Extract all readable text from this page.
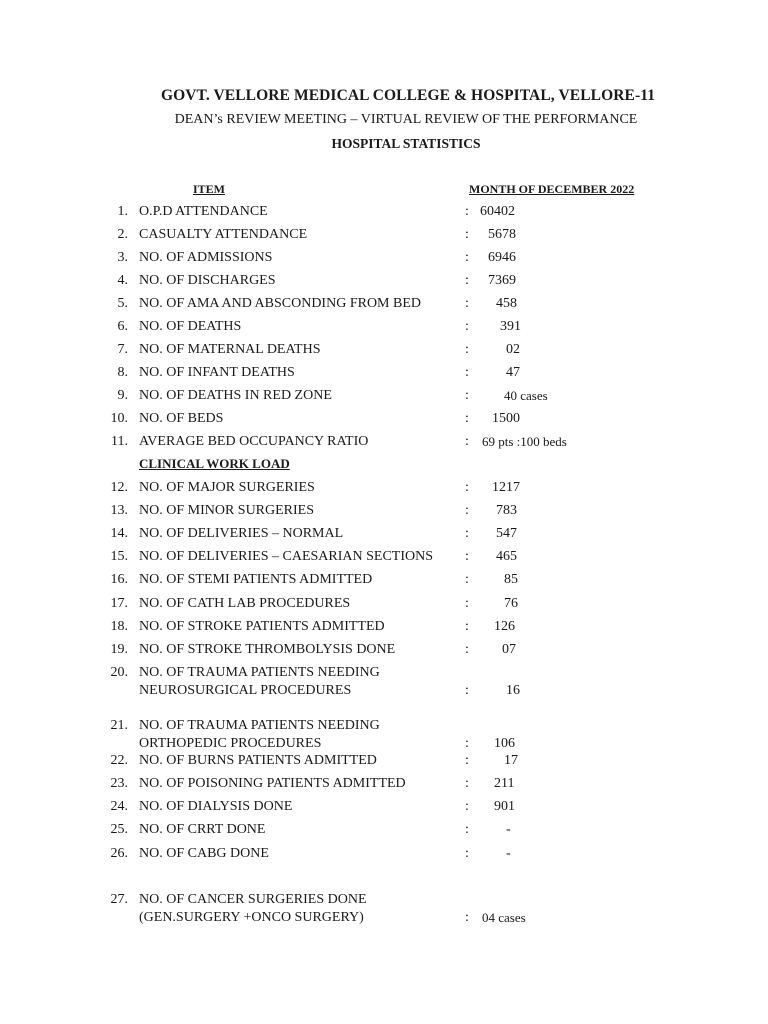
GOVT. VELLORE MEDICAL COLLEGE & HOSPITAL, VELLORE-11
DEAN’s REVIEW MEETING – VIRTUAL REVIEW OF THE PERFORMANCE
HOSPITAL STATISTICS
ITEM	MONTH OF DECEMBER 2022
CLINICAL WORK LOAD
1. O.P.D ATTENDANCE	: 60402
2. CASUALTY ATTENDANCE	: 5678
3. NO. OF ADMISSIONS	: 6946
4. NO. OF DISCHARGES	: 7369
5. NO. OF AMA AND ABSCONDING FROM BED	: 458
6. NO. OF DEATHS	: 391
7. NO. OF MATERNAL DEATHS	:	02
8. NO. OF INFANT DEATHS	:	47
9. NO. OF DEATHS IN RED ZONE	:	40 cases
10. NO. OF BEDS	: 1500
11. AVERAGE BED OCCUPANCY RATIO	: 69 pts :100 beds
12. NO. OF MAJOR SURGERIES	: 1217
13. NO. OF MINOR SURGERIES	: 783
14. NO. OF DELIVERIES – NORMAL	: 547
15. NO. OF DELIVERIES – CAESARIAN SECTIONS : 465
16. NO. OF STEMI PATIENTS ADMITTED	:	85
17. NO. OF CATH LAB PROCEDURES	:	76
18. NO. OF STROKE PATIENTS ADMITTED	: 126
19. NO. OF STROKE THROMBOLYSIS DONE	: 07
20. NO. OF TRAUMA PATIENTS NEEDING
NEUROSURGICAL PROCEDURES	:	16
21. NO. OF TRAUMA PATIENTS NEEDING
ORTHOPEDIC PROCEDURES	: 106
22. NO. OF BURNS PATIENTS ADMITTED	:	17
23. NO. OF POISONING PATIENTS ADMITTED	: 211
24. NO. OF DIALYSIS DONE	: 901
25. NO. OF CRRT DONE	:	-
26. NO. OF CABG DONE	:	-
27. NO. OF CANCER SURGERIES DONE
(GEN.SURGERY +ONCO SURGERY)	: 04 cases
